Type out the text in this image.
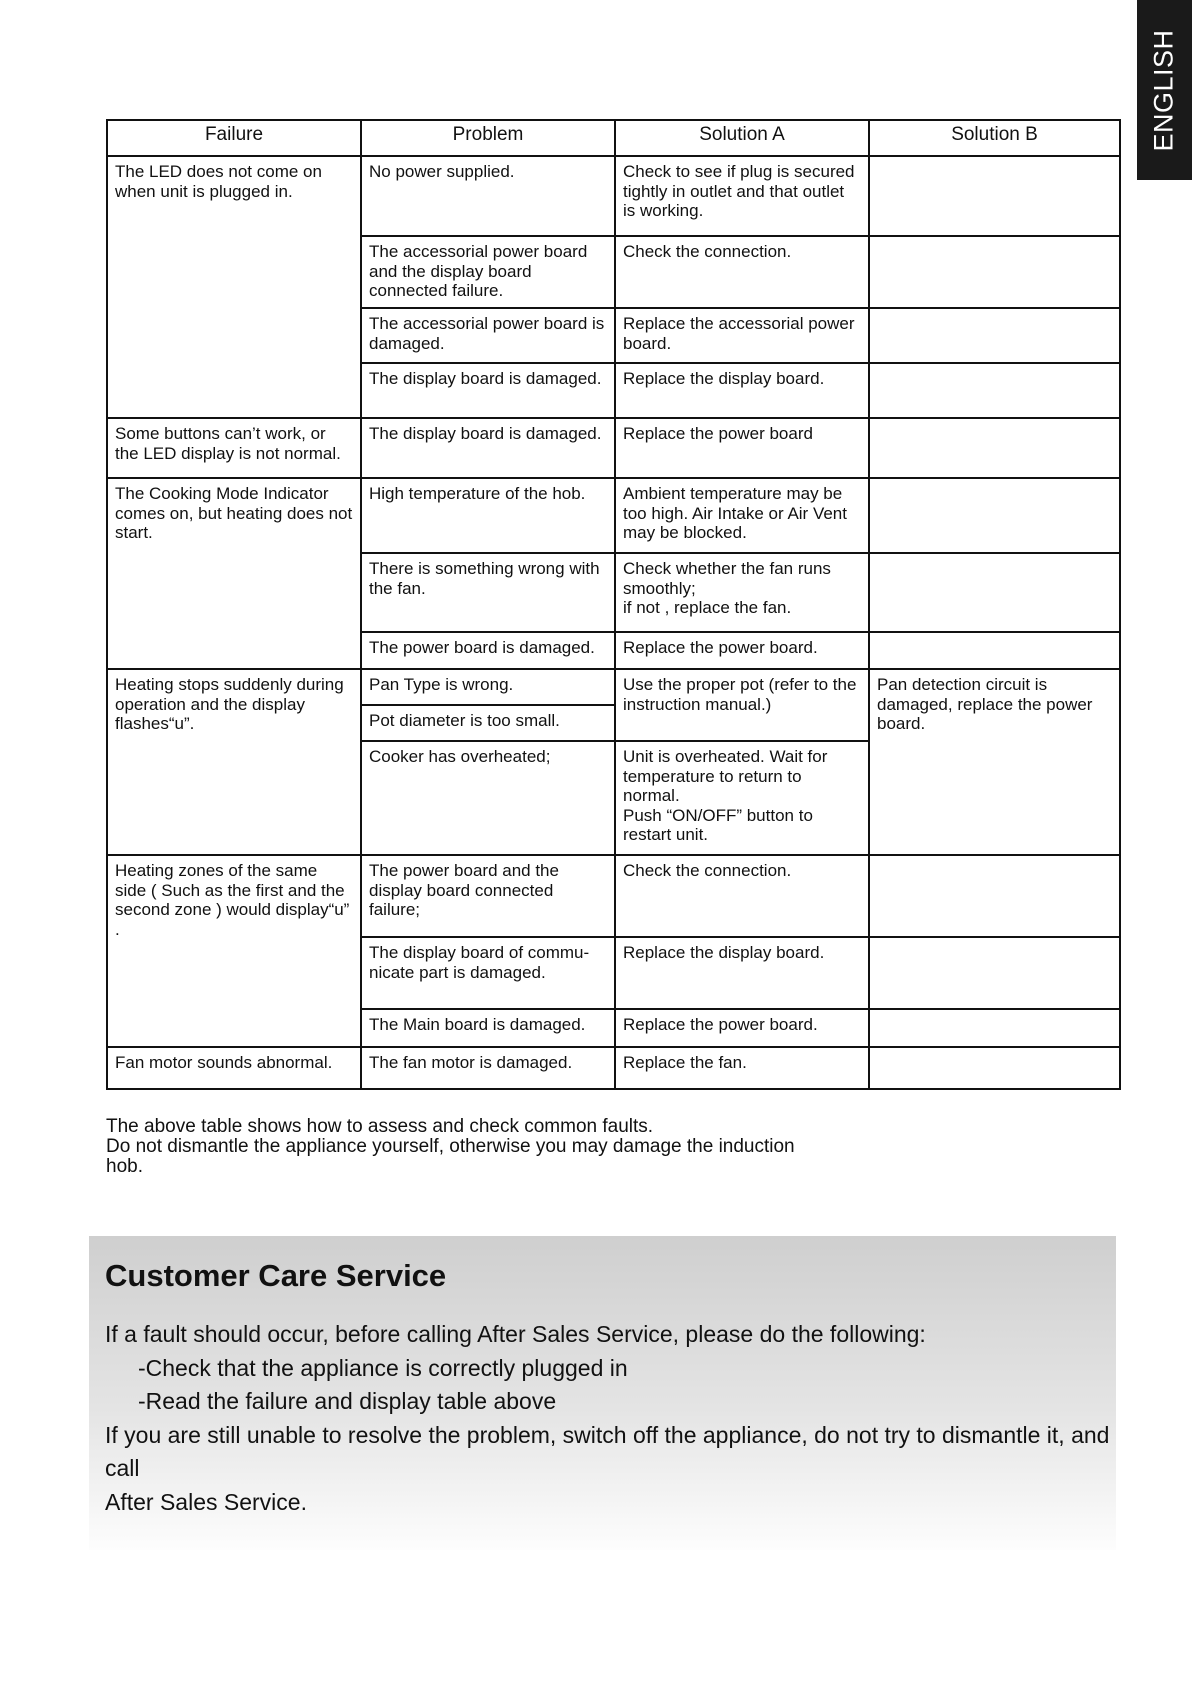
ENGLISH
Failure	Problem	Solution A	Solution B
The LED does not come on when unit is plugged in.	No power supplied.	Check to see if plug is secured tightly in outlet and that outlet is working.	
	The accessorial power board and the display board connected failure.	Check the connection.	
	The accessorial power board is damaged.	Replace the accessorial power board.	
	The display board is damaged.	Replace the display board.	
Some buttons can’t work, or the LED display is not normal.	The display board is damaged.	Replace the power board	
The Cooking Mode Indicator comes on, but heating does not start.	High temperature of the hob.	Ambient temperature may be too high. Air Intake or Air Vent may be blocked.	
	There is something wrong with the fan.	Check whether the fan runs smoothly;
if not , replace the fan.	
	The power board is damaged.	Replace the power board.	
Heating stops suddenly during operation and the display flashes“u”.	Pan Type is wrong.	Use the proper pot (refer to the instruction manual.)	Pan detection circuit is damaged, replace the power board.
	Pot diameter is too small.		
	Cooker has overheated;	Unit is overheated. Wait for temperature to return to normal.
Push “ON/OFF” button to restart unit.	
Heating zones of the same side ( Such as the first and the second zone ) would display“u” .	The power board and the display board connected failure;	Check the connection.	
	The display board of commu-nicate part is damaged.	Replace the display board.	
	The Main board is damaged.	Replace the power board.	
Fan motor sounds abnormal.	The fan motor is damaged.	Replace the fan.	
The above table shows how to assess and check common faults.
Do not dismantle the appliance yourself, otherwise you may damage the induction hob.
Customer Care Service
If a fault should occur, before calling After Sales Service, please do the following:
-Check that the appliance is correctly plugged in
-Read the failure and display table above
If you are still unable to resolve the problem, switch off the appliance, do not try to dismantle it, and call
After Sales Service.
